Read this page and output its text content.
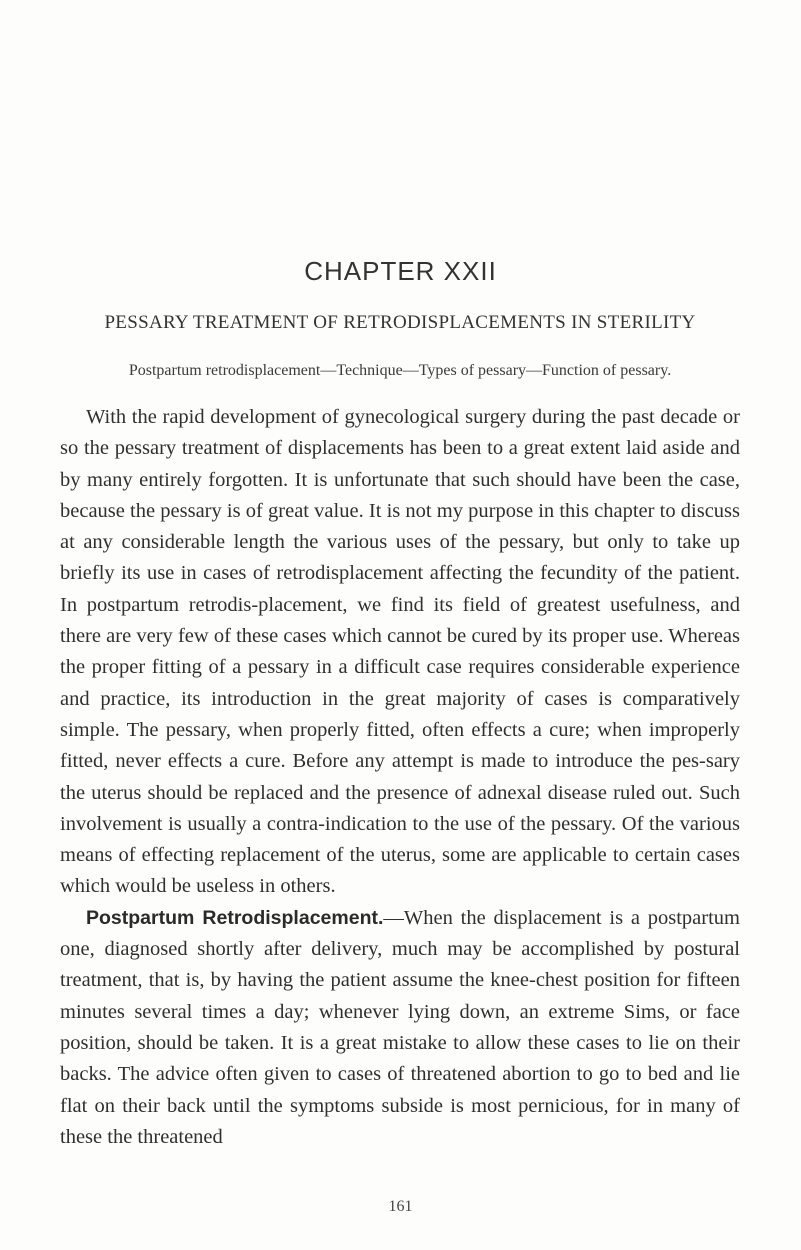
CHAPTER XXII
PESSARY TREATMENT OF RETRODISPLACEMENTS IN STERILITY
Postpartum retrodisplacement—Technique—Types of pessary—Function of pessary.

With the rapid development of gynecological surgery during the past decade or so the pessary treatment of displacements has been to a great extent laid aside and by many entirely forgotten. It is unfortunate that such should have been the case, because the pessary is of great value. It is not my purpose in this chapter to discuss at any considerable length the various uses of the pessary, but only to take up briefly its use in cases of retrodisplacement affecting the fecundity of the patient. In postpartum retrodis-placement, we find its field of greatest usefulness, and there are very few of these cases which cannot be cured by its proper use. Whereas the proper fitting of a pessary in a difficult case requires considerable experience and practice, its introduction in the great majority of cases is comparatively simple. The pessary, when properly fitted, often effects a cure; when improperly fitted, never effects a cure. Before any attempt is made to introduce the pes-sary the uterus should be replaced and the presence of adnexal disease ruled out. Such involvement is usually a contra-indication to the use of the pessary. Of the various means of effecting replacement of the uterus, some are applicable to certain cases which would be useless in others.

Postpartum Retrodisplacement.—When the displacement is a postpartum one, diagnosed shortly after delivery, much may be accomplished by postural treatment, that is, by having the patient assume the knee-chest position for fifteen minutes several times a day; whenever lying down, an extreme Sims, or face position, should be taken. It is a great mistake to allow these cases to lie on their backs. The advice often given to cases of threatened abortion to go to bed and lie flat on their back until the symptoms subside is most pernicious, for in many of these the threatened

161
